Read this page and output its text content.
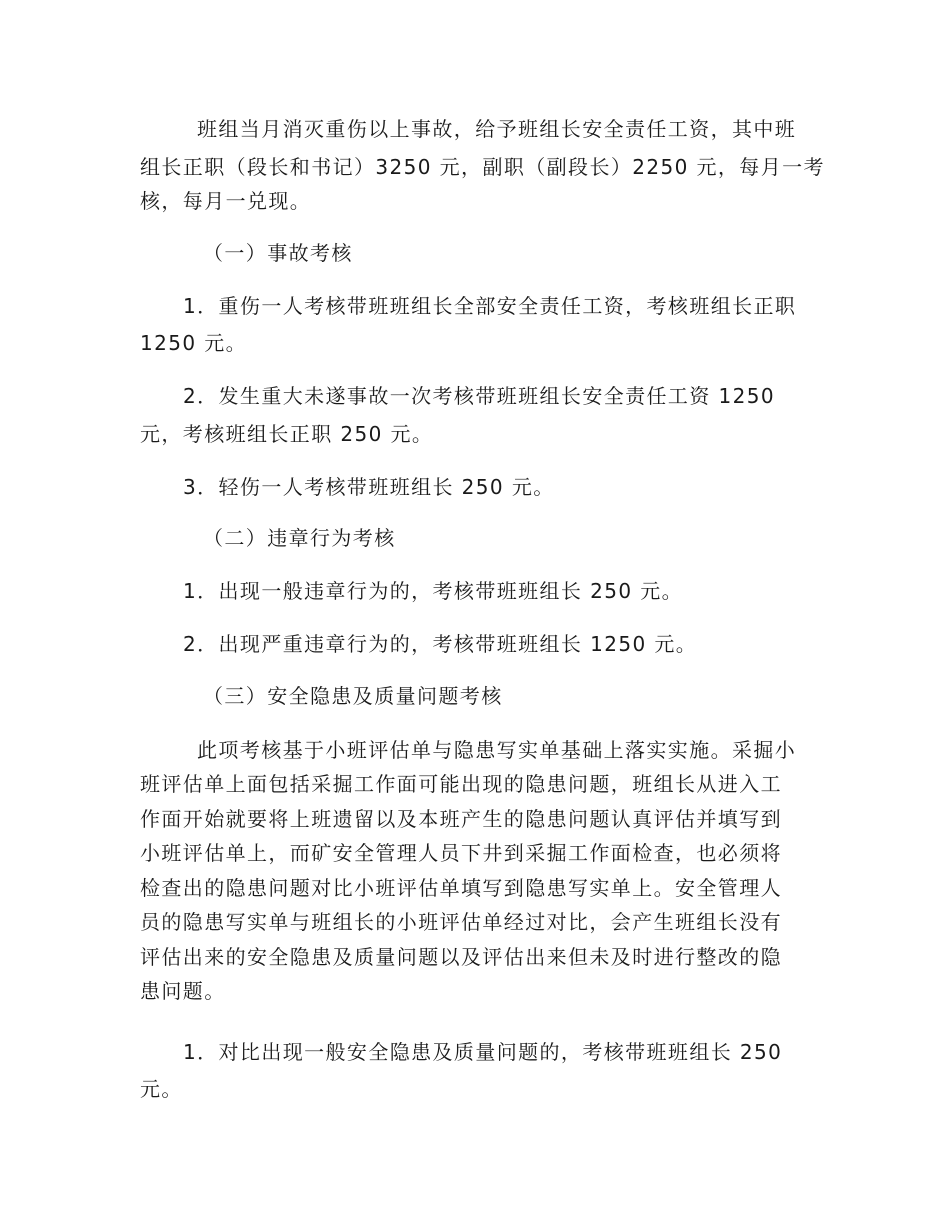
班组当月消灭重伤以上事故，给予班组长安全责任工资，其中班
组长正职（段长和书记）3250 元，副职（副段长）2250 元，每月一考
核，每月一兑现。
（一）事故考核
1．重伤一人考核带班班组长全部安全责任工资，考核班组长正职
1250 元。
2．发生重大未遂事故一次考核带班班组长安全责任工资 1250
元，考核班组长正职 250 元。
3．轻伤一人考核带班班组长 250 元。
（二）违章行为考核
1．出现一般违章行为的，考核带班班组长 250 元。
2．出现严重违章行为的，考核带班班组长 1250 元。
（三）安全隐患及质量问题考核
此项考核基于小班评估单与隐患写实单基础上落实实施。采掘小
班评估单上面包括采掘工作面可能出现的隐患问题，班组长从进入工
作面开始就要将上班遗留以及本班产生的隐患问题认真评估并填写到
小班评估单上，而矿安全管理人员下井到采掘工作面检查，也必须将
检查出的隐患问题对比小班评估单填写到隐患写实单上。安全管理人
员的隐患写实单与班组长的小班评估单经过对比，会产生班组长没有
评估出来的安全隐患及质量问题以及评估出来但未及时进行整改的隐
患问题。
1．对比出现一般安全隐患及质量问题的，考核带班班组长 250
元。
